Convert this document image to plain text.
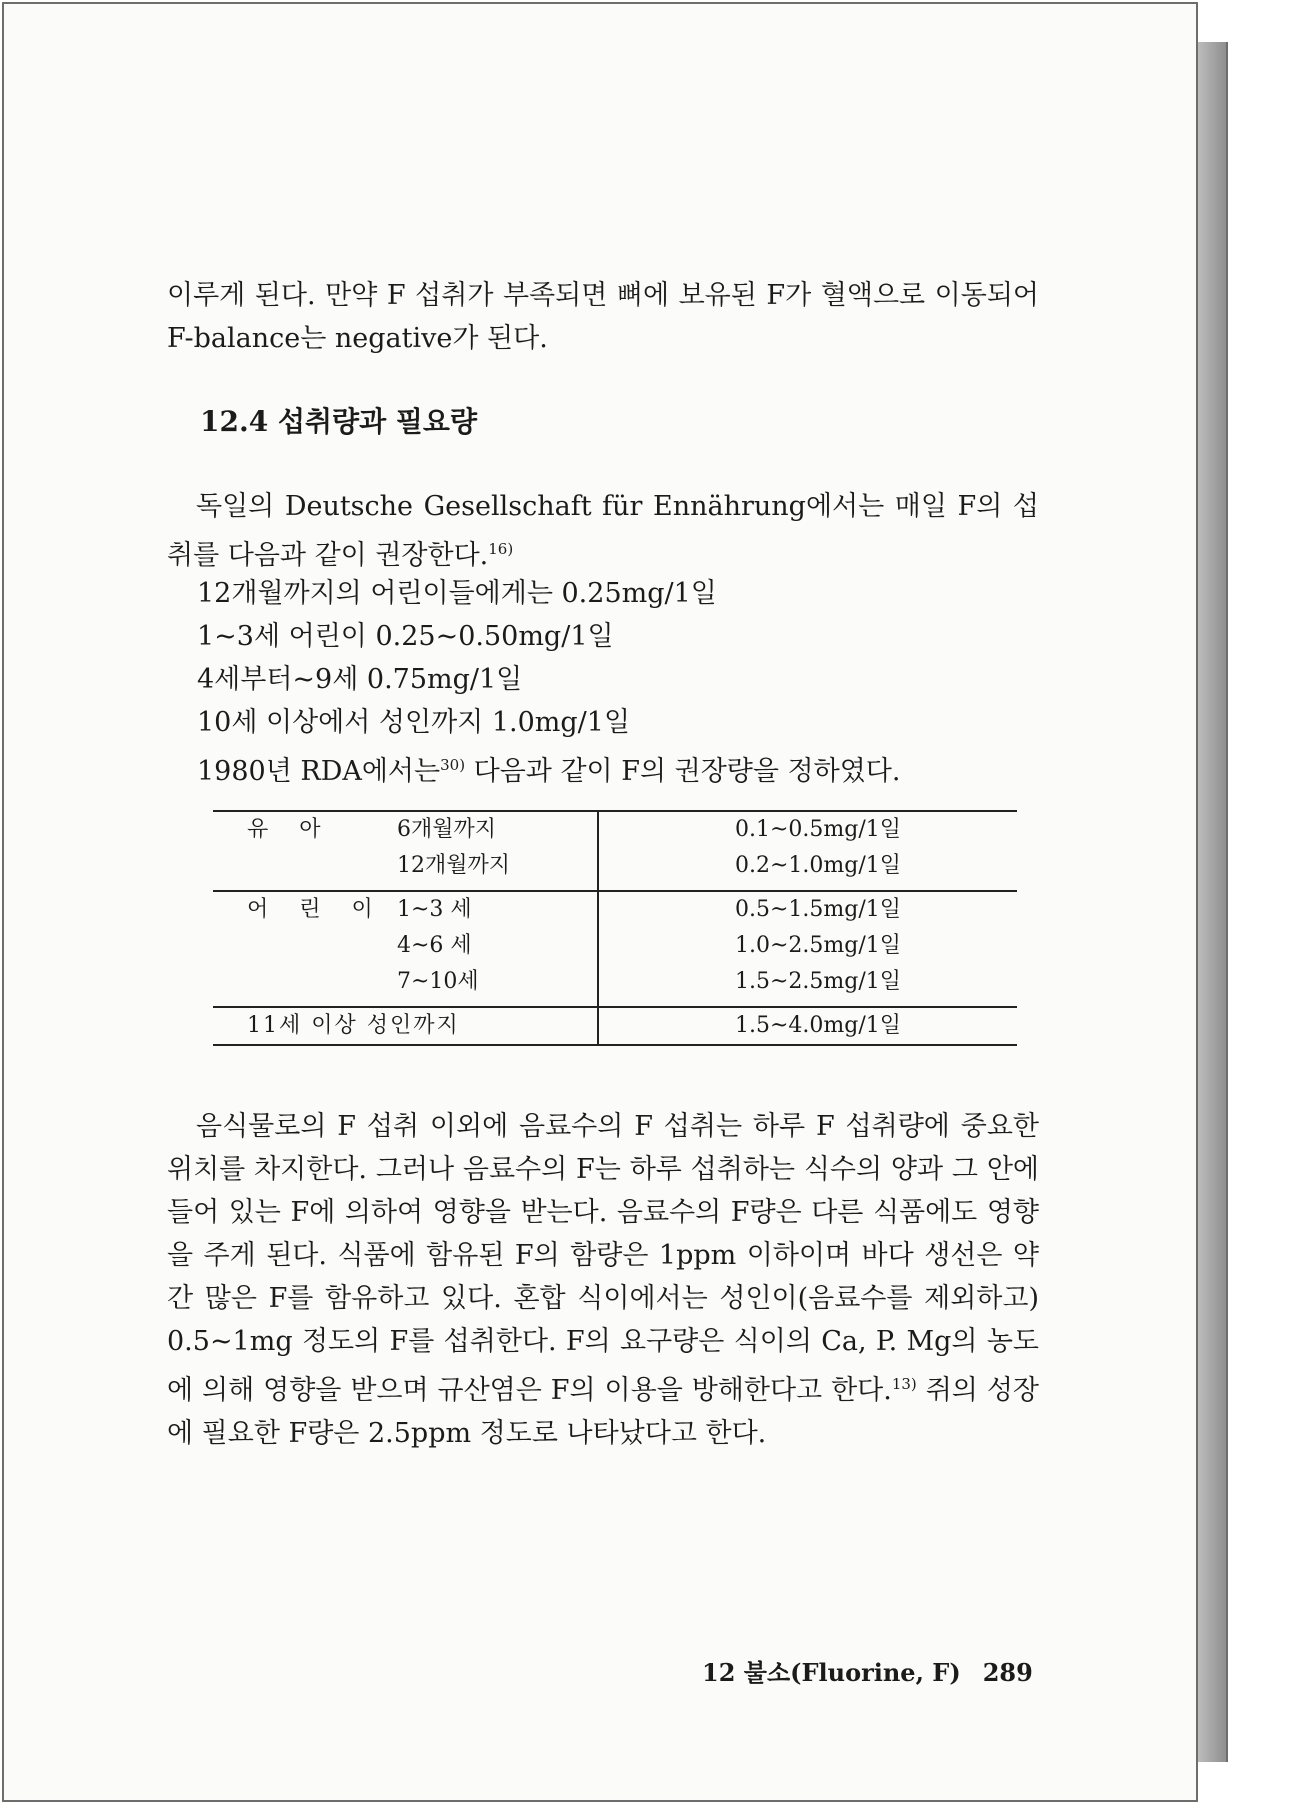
이루게 된다. 만약 F 섭취가 부족되면 뼈에 보유된 F가 혈액으로 이동되어 F-balance는 negative가 된다.

12.4 섭취량과 필요량

독일의 Deutsche Gesellschaft für Ennährung에서는 매일 F의 섭취를 다음과 같이 권장한다.$^{16)}$

12개월까지의 어린이들에게는 0.25mg/1일
1~3세 어린이 0.25~0.50mg/1일
4세부터~9세 0.75mg/1일
10세 이상에서 성인까지 1.0mg/1일
1980년 RDA에서는$^{30)}$ 다음과 같이 F의 권장량을 정하였다.
유 아	6개월까지	0.1~0.5mg/1일
	12개월까지	0.2~1.0mg/1일

어 린 이	1~3 세	0.5~1.5mg/1일
	4~6 세	1.0~2.5mg/1일
	7~10세	1.5~2.5mg/1일

11세 이상 성인까지		1.5~4.0mg/1일

음식물로의 F 섭취 이외에 음료수의 F 섭취는 하루 F 섭취량에 중요한 위치를 차지한다. 그러나 음료수의 F는 하루 섭취하는 식수의 양과 그 안에 들어 있는 F에 의하여 영향을 받는다. 음료수의 F량은 다른 식품에도 영향을 주게 된다. 식품에 함유된 F의 함량은 1ppm 이하이며 바다 생선은 약간 많은 F를 함유하고 있다. 혼합 식이에서는 성인이(음료수를 제외하고) 0.5~1mg 정도의 F를 섭취한다. F의 요구량은 식이의 Ca, P. Mg의 농도에 의해 영향을 받으며 규산염은 F의 이용을 방해한다고 한다.$^{13)}$ 쥐의 성장에 필요한 F량은 2.5ppm 정도로 나타났다고 한다.

12 불소(Fluorine, F) 289
